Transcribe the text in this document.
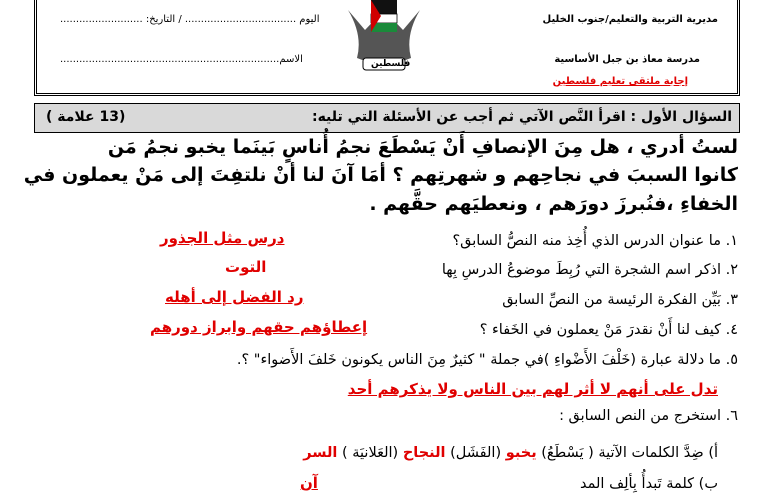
مديرية التربية والتعليم/جنوب الخليل
مدرسة معاذ بن جبل الأساسية
إجابة ملتقى تعليم فلسطين
اليوم ................................... / التاريخ: ..........................
الاسم.....................................................................	فلسطين
السؤال الأول : اقرأ النَّص الآتي ثم أجب عن الأسئلة التي تليه:
(13 علامة )
لستُ أدري ، هل مِنَ الإنصافِ أَنْ يَسْطَعَ نجمُ أُناسٍ بَينَما يخبو نجمُ مَن
كانوا السببَ في نجاحِهم و شهرتِهم ؟ أمَا آنَ لنا أنْ نلتفِتَ إلى مَنْ يعملون في
الخفاءِ ،فنُبرزَ دورَهم ، ونعطيَهم حقَّهم .
١. ما عنوان الدرس الذي أُخِذ منه النصُّ السابق؟
درس مثل الجذور
٢. اذكر اسم الشجرة التي رُبِطَ موضوعُ الدرسِ بِها
التوت
٣. بَيِّن الفكرة الرئيسة من النصِّ السابق
رد الفضل إلى أهله
٤. كيف لنا أَنْ نقدرَ مَنْ يعملون في الخَفاء ؟
إعطاؤهم حقهم وابراز دورهم
٥. ما دلالة عبارة (خَلْفَ الأَضْواءِ )في جملة " كثيرٌ مِنَ الناس يكونون خَلفَ الأَضواء" ؟.
تدل على أنهم لا أثر لهم بين الناس ولا يذكرهم أحد
٦. استخرج من النص السابق :
أ) ضِدَّ الكلمات الآتية ( يَسْطَعُ) يخبو (الفَشَل) النجاح (العَلانيَة ) السر
ب) كلمة تَبدأُ بِألِف المد
آن
